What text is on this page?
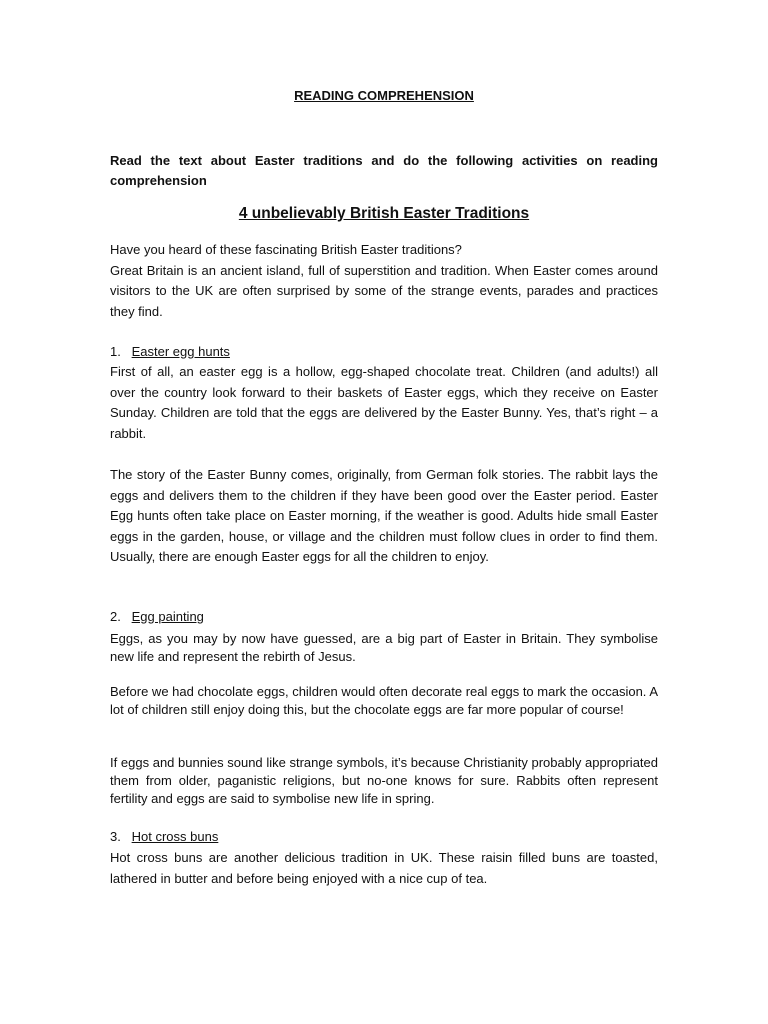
READING COMPREHENSION
Read the text about Easter traditions and do the following activities on reading comprehension
4 unbelievably British Easter Traditions
Have you heard of these fascinating British Easter traditions?
Great Britain is an ancient island, full of superstition and tradition. When Easter comes around visitors to the UK are often surprised by some of the strange events, parades and practices they find.
1. Easter egg hunts
First of all, an easter egg is a hollow, egg-shaped chocolate treat. Children (and adults!) all over the country look forward to their baskets of Easter eggs, which they receive on Easter Sunday. Children are told that the eggs are delivered by the Easter Bunny. Yes, that’s right – a rabbit.
The story of the Easter Bunny comes, originally, from German folk stories. The rabbit lays the eggs and delivers them to the children if they have been good over the Easter period. Easter Egg hunts often take place on Easter morning, if the weather is good. Adults hide small Easter eggs in the garden, house, or village and the children must follow clues in order to find them. Usually, there are enough Easter eggs for all the children to enjoy.
2. Egg painting
Eggs, as you may by now have guessed, are a big part of Easter in Britain. They symbolise new life and represent the rebirth of Jesus.
Before we had chocolate eggs, children would often decorate real eggs to mark the occasion. A lot of children still enjoy doing this, but the chocolate eggs are far more popular of course!
If eggs and bunnies sound like strange symbols, it’s because Christianity probably appropriated them from older, paganistic religions, but no-one knows for sure. Rabbits often represent fertility and eggs are said to symbolise new life in spring.
3. Hot cross buns
Hot cross buns are another delicious tradition in UK. These raisin filled buns are toasted, lathered in butter and before being enjoyed with a nice cup of tea.
